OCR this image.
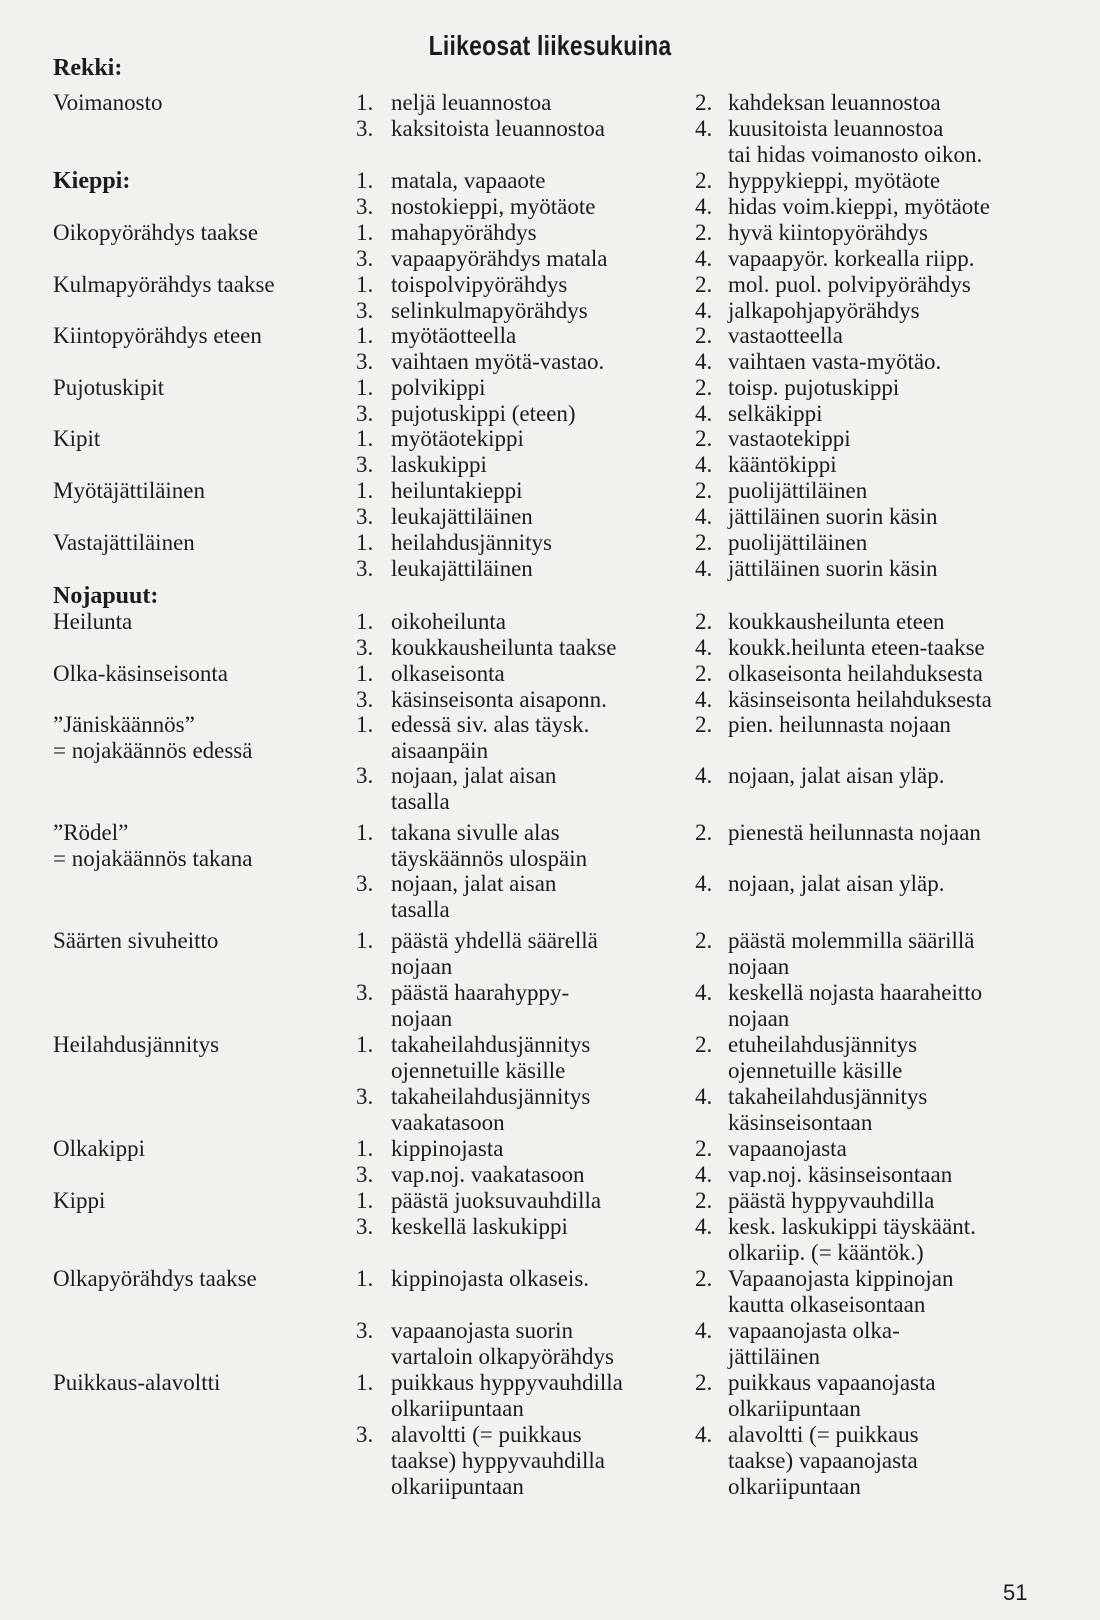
Liikeosat liikesukuina
Rekki:
Voimanosto	1. neljä leuannostoa	2. kahdeksan leuannostoa
3. kaksitoista leuannostoa	4. kuusitoista leuannostoa
tai hidas voimanosto oikon.
Kieppi:	1. matala, vapaaote	2. hyppykieppi, myötäote
3. nostokieppi, myötäote	4. hidas voim.kieppi, myötäote
Oikopyörähdys taakse	1. mahapyörähdys	2. hyvä kiintopyörähdys
3. vapaapyörähdys matala	4. vapaapyör. korkealla riipp.
Kulmapyörähdys taakse	1. toispolvipyörähdys	2. mol. puol. polvipyörähdys
3. selinkulmapyörähdys	4. jalkapohjapyörähdys
Kiintopyörähdys eteen	1. myötäotteella	2. vastaotteella
3. vaihtaen myötä-vastao.	4. vaihtaen vasta-myötäo.
Pujotuskipit	1. polvikippi	2. toisp. pujotuskippi
3. pujotuskippi (eteen)	4. selkäkippi
Kipit	1. myötäotekippi	2. vastaotekippi
3. laskukippi	4. kääntökippi
Myötäjättiläinen	1. heiluntakieppi	2. puolijättiläinen
3. leukajättiläinen	4. jättiläinen suorin käsin
Vastajättiläinen	1. heilahdusjännitys	2. puolijättiläinen
3. leukajättiläinen	4. jättiläinen suorin käsin
Nojapuut:
Heilunta	1. oikoheilunta	2. koukkausheilunta eteen
3. koukkausheilunta taakse	4. koukk.heilunta eteen-taakse
Olka-käsinseisonta	1. olkaseisonta	2. olkaseisonta heilahduksesta
3. käsinseisonta aisaponn.	4. käsinseisonta heilahduksesta
”Jäniskäännös”	1. edessä siv. alas täysk.	2. pien. heilunnasta nojaan
= nojakäännös edessä	aisaanpäin
3. nojaan, jalat aisan	4. nojaan, jalat aisan yläp.
tasalla
”Rödel”	1. takana sivulle alas	2. pienestä heilunnasta nojaan
= nojakäännös takana	täyskäännös ulospäin
3. nojaan, jalat aisan	4. nojaan, jalat aisan yläp.
tasalla
Säärten sivuheitto	1. päästä yhdellä säärellä	2. päästä molemmilla säärillä
nojaan	nojaan
3. päästä haarahyppy-	4. keskellä nojasta haaraheitto
nojaan	nojaan
Heilahdusjännitys	1. takaheilahdusjännitys	2. etuheilahdusjännitys
ojennetuille käsille	ojennetuille käsille
3. takaheilahdusjännitys	4. takaheilahdusjännitys
vaakatasoon	käsinseisontaan
Olkakippi	1. kippinojasta	2. vapaanojasta
3. vap.noj. vaakatasoon	4. vap.noj. käsinseisontaan
Kippi	1. päästä juoksuvauhdilla	2. päästä hyppyvauhdilla
3. keskellä laskukippi	4. kesk. laskukippi täyskäänt.
olkariip. (= kääntök.)
Olkapyörähdys taakse	1. kippinojasta olkaseis.	2. Vapaanojasta kippinojan
kautta olkaseisontaan
3. vapaanojasta suorin	4. vapaanojasta olka-
vartaloin olkapyörähdys	jättiläinen
Puikkaus-alavoltti	1. puikkaus hyppyvauhdilla	2. puikkaus vapaanojasta
olkariipuntaan	olkariipuntaan
3. alavoltti (= puikkaus	4. alavoltti (= puikkaus
taakse) hyppyvauhdilla	taakse) vapaanojasta
olkariipuntaan	olkariipuntaan
51
